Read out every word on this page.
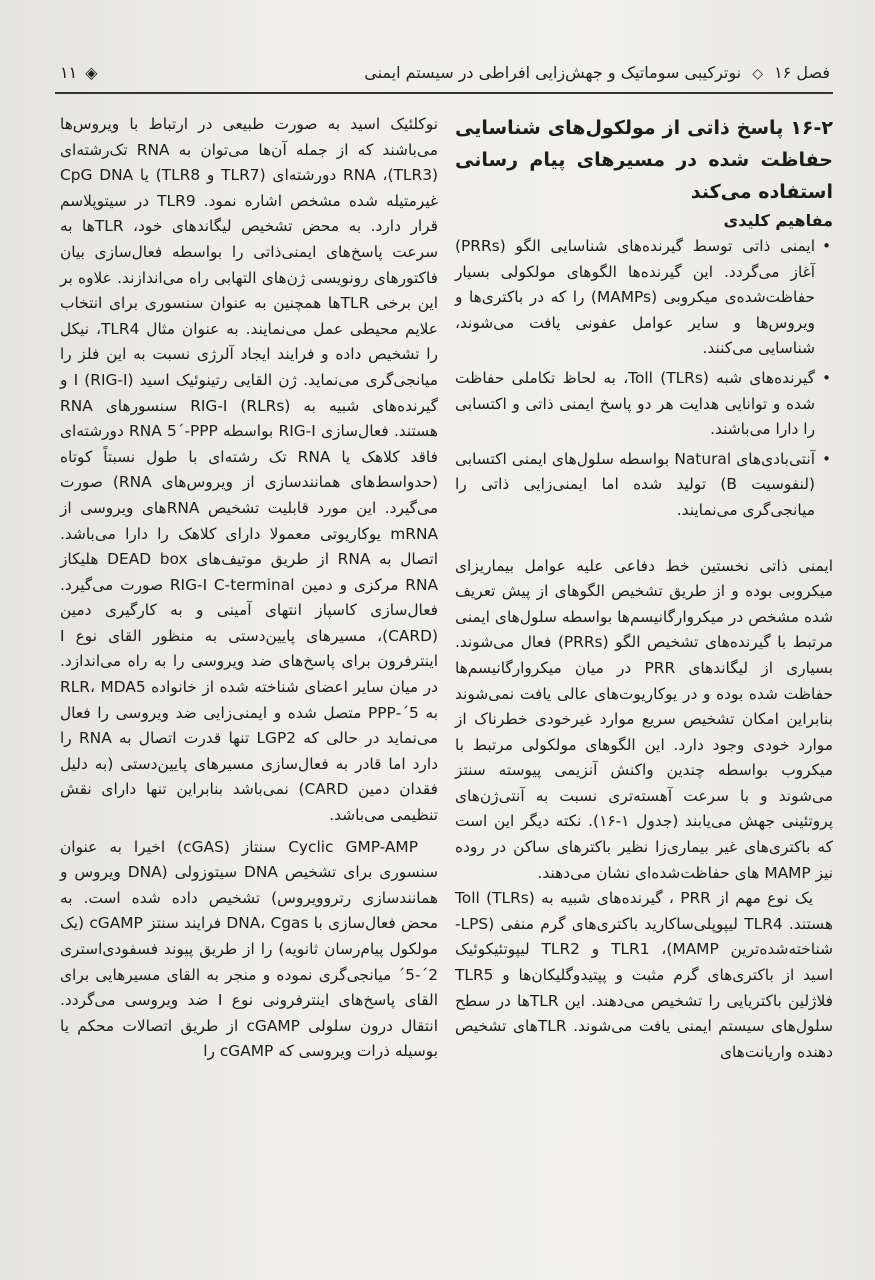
فصل ۱۶ ◇ نوترکیبی سوماتیک و جهش‌زایی افراطی در سیستم ایمنی
◈
۱۱

۱۶-۲ پاسخ ذاتی از مولکول‌های شناسایی حفاظت شده در مسیرهای پیام رسانی استفاده می‌کند

مفاهیم کلیدی

• ایمنی ذاتی توسط گیرنده‌های شناسایی الگو (PRRs) آغاز می‌گردد. این گیرنده‌ها الگوهای مولکولی بسیار حفاظت‌شده‌ی میکروبی (MAMPs) را که در باکتری‌ها و ویروس‌ها و سایر عوامل عفونی یافت می‌شوند، شناسایی می‌کنند.
• گیرنده‌های شبه Toll (TLRs)، به لحاظ تکاملی حفاظت شده و توانایی هدایت هر دو پاسخ ایمنی ذاتی و اکتسابی را دارا می‌باشند.
• آنتی‌بادی‌های Natural بواسطه سلول‌های ایمنی اکتسابی (لنفوسیت B) تولید شده اما ایمنی‌زایی ذاتی را میانجی‌گری می‌نمایند.

ایمنی ذاتی نخستین خط دفاعی علیه عوامل بیماریزای میکروبی بوده و از طریق تشخیص الگوهای از پیش تعریف شده مشخص در میکروارگانیسم‌ها بواسطه سلول‌های ایمنی مرتبط با گیرنده‌های تشخیص الگو (PRRs) فعال می‌شوند. بسیاری از لیگاندهای PRR در میان میکروارگانیسم‌ها حفاظت شده بوده و در یوکاریوت‌های عالی یافت نمی‌شوند بنابراین امکان تشخیص سریع موارد غیرخودی خطرناک از موارد خودی وجود دارد. این الگوهای مولکولی مرتبط با میکروب بواسطه چندین واکنش آنزیمی پیوسته سنتز می‌شوند و با سرعت آهسته‌تری نسبت به آنتی‌ژن‌های پروتئینی جهش می‌یابند (جدول ۱-۱۶). نکته دیگر این است که باکتری‌های غیر بیماری‌زا نظیر باکترهای ساکن در روده نیز MAMP های حفاظت‌شده‌ای نشان می‌دهند.

یک نوع مهم از PRR ، گیرنده‌های شبیه به Toll (TLRs) هستند. TLR4 لیپوپلی‌ساکارید باکتری‌های گرم منفی (LPS- شناخته‌شده‌ترین MAMP)، TLR1 و TLR2 لیپوتئیکوئیک اسید از باکتری‌های گرم مثبت و پپتیدوگلیکان‌ها و TLR5 فلاژلین باکتریایی را تشخیص می‌دهند. این TLRها در سطح سلول‌های سیستم ایمنی یافت می‌شوند. TLRهای تشخیص دهنده واریانت‌های

نوکلئیک اسید به صورت طبیعی در ارتباط با ویروس‌ها می‌باشند که از جمله آن‌ها می‌توان به RNA تک‌رشته‌ای (TLR3)، RNA دورشته‌ای (TLR7 و TLR8) یا CpG DNA غیرمتیله شده مشخص اشاره نمود. TLR9 در سیتوپلاسم قرار دارد. به محض تشخیص لیگاندهای خود، TLRها به سرعت پاسخ‌های ایمنی‌ذاتی را بواسطه فعال‌سازی بیان فاکتورهای رونویسی ژن‌های التهابی راه می‌اندازند. علاوه بر این برخی TLRها همچنین به عنوان سنسوری برای انتخاب علایم محیطی عمل می‌نمایند. به عنوان مثال TLR4، نیکل را تشخیص داده و فرایند ایجاد آلرژی نسبت به این فلز را میانجی‌گری می‌نماید. ژن القایی رتینوئیک اسید I (RIG-I) و گیرنده‌های شبیه به RIG-I (RLRs) سنسورهای RNA هستند. فعال‌سازی RIG-I بواسطه RNA 5´-PPP دورشته‌ای فاقد کلاهک یا RNA تک رشته‌ای با طول نسبتاً کوتاه (حدواسط‌های همانندسازی از ویروس‌های RNA) صورت می‌گیرد. این مورد قابلیت تشخیص RNAهای ویروسی از mRNA یوکاریوتی معمولا دارای کلاهک را دارا می‌باشد. اتصال به RNA از طریق موتیف‌های DEAD box هلیکاز RNA مرکزی و دمین RIG-I C-terminal صورت می‌گیرد. فعال‌سازی کاسپاز انتهای آمینی و به کارگیری دمین (CARD)، مسیرهای پایین‌دستی به منظور القای نوع I اینترفرون برای پاسخ‌های ضد ویروسی را به راه می‌اندازد. در میان سایر اعضای شناخته شده از خانواده RLR، MDA5 به 5´-PPP متصل شده و ایمنی‌زایی ضد ویروسی را فعال می‌نماید در حالی که LGP2 تنها قدرت اتصال به RNA را دارد اما قادر به فعال‌سازی مسیرهای پایین‌دستی (به دلیل فقدان دمین CARD) نمی‌باشد بنابراین تنها دارای نقش تنظیمی می‌باشد.

Cyclic GMP-AMP سنتاز (cGAS) اخیرا به عنوان سنسوری برای تشخیص DNA سیتوزولی (DNA ویروس و همانندسازی رتروویروس) تشخیص داده شده است. به محض فعال‌سازی با DNA، Cgas فرایند سنتز cGAMP (یک مولکول پیام‌رسان ثانویه) را از طریق پیوند فسفودی‌استری 2´-5´ میانجی‌گری نموده و منجر به القای مسیرهایی برای القای پاسخ‌های اینترفرونی نوع I ضد ویروسی می‌گردد. انتقال درون سلولی cGAMP از طریق اتصالات محکم یا بوسیله ذرات ویروسی که cGAMP را
